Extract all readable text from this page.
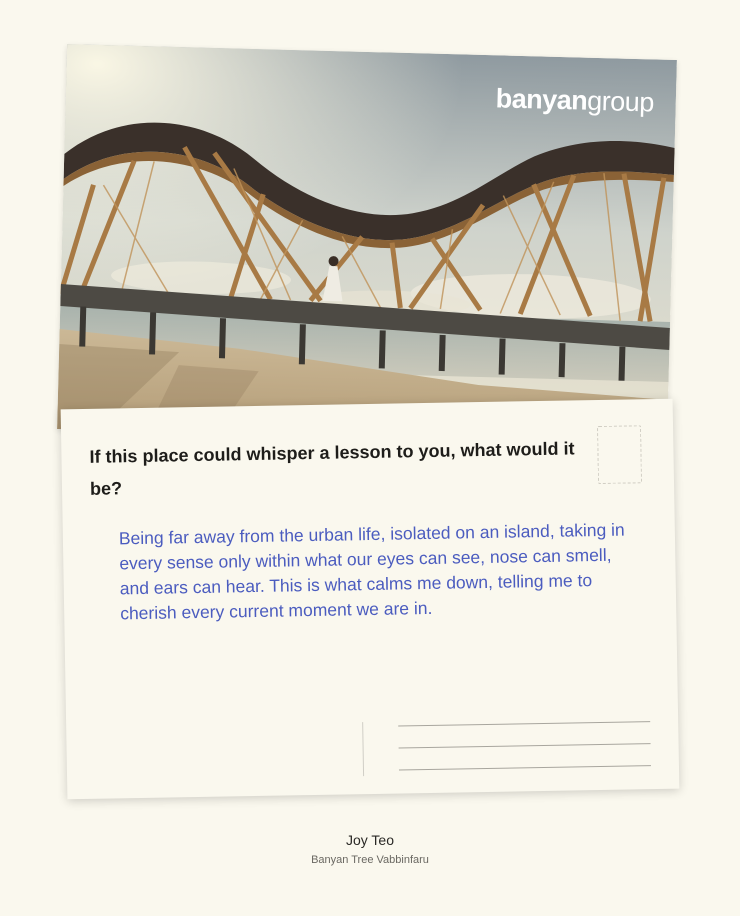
banyangroup

If this place could whisper a lesson to you, what would it be?

Being far away from the urban life, isolated on an island, taking in every sense only within what our eyes can see, nose can smell, and ears can hear. This is what calms me down, telling me to cherish every current moment we are in.

Joy Teo
Banyan Tree Vabbinfaru
